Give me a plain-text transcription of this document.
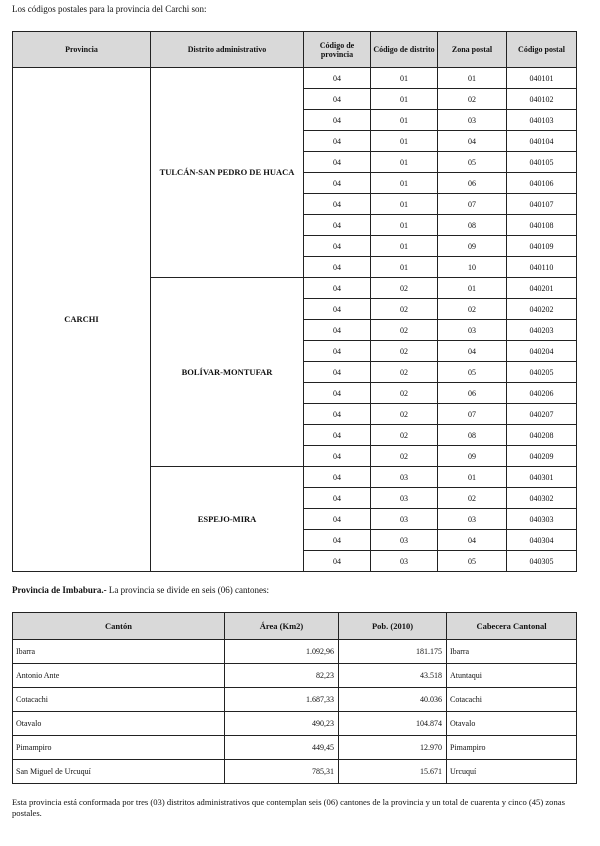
Los códigos postales para la provincia del Carchi son:

Provincia	Distrito administrativo	Código de provincia	Código de distrito	Zona postal	Código postal
CARCHI	TULCÁN-SAN PEDRO DE HUACA	04	01	01	040101
		04	01	02	040102
		04	01	03	040103
		04	01	04	040104
		04	01	05	040105
		04	01	06	040106
		04	01	07	040107
		04	01	08	040108
		04	01	09	040109
		04	01	10	040110
	BOLÍVAR-MONTUFAR	04	02	01	040201
		04	02	02	040202
		04	02	03	040203
		04	02	04	040204
		04	02	05	040205
		04	02	06	040206
		04	02	07	040207
		04	02	08	040208
		04	02	09	040209
	ESPEJO-MIRA	04	03	01	040301
		04	03	02	040302
		04	03	03	040303
		04	03	04	040304
		04	03	05	040305

Provincia de Imbabura.- La provincia se divide en seis (06) cantones:

Cantón	Área (Km2)	Pob. (2010)	Cabecera Cantonal
Ibarra	1.092,96	181.175	Ibarra
Antonio Ante	82,23	43.518	Atuntaqui
Cotacachi	1.687,33	40.036	Cotacachi
Otavalo	490,23	104.874	Otavalo
Pimampiro	449,45	12.970	Pimampiro
San Miguel de Urcuquí	785,31	15.671	Urcuquí

Esta provincia está conformada por tres (03) distritos administrativos que contemplan seis (06) cantones de la provincia y un total de cuarenta y cinco (45) zonas postales.
